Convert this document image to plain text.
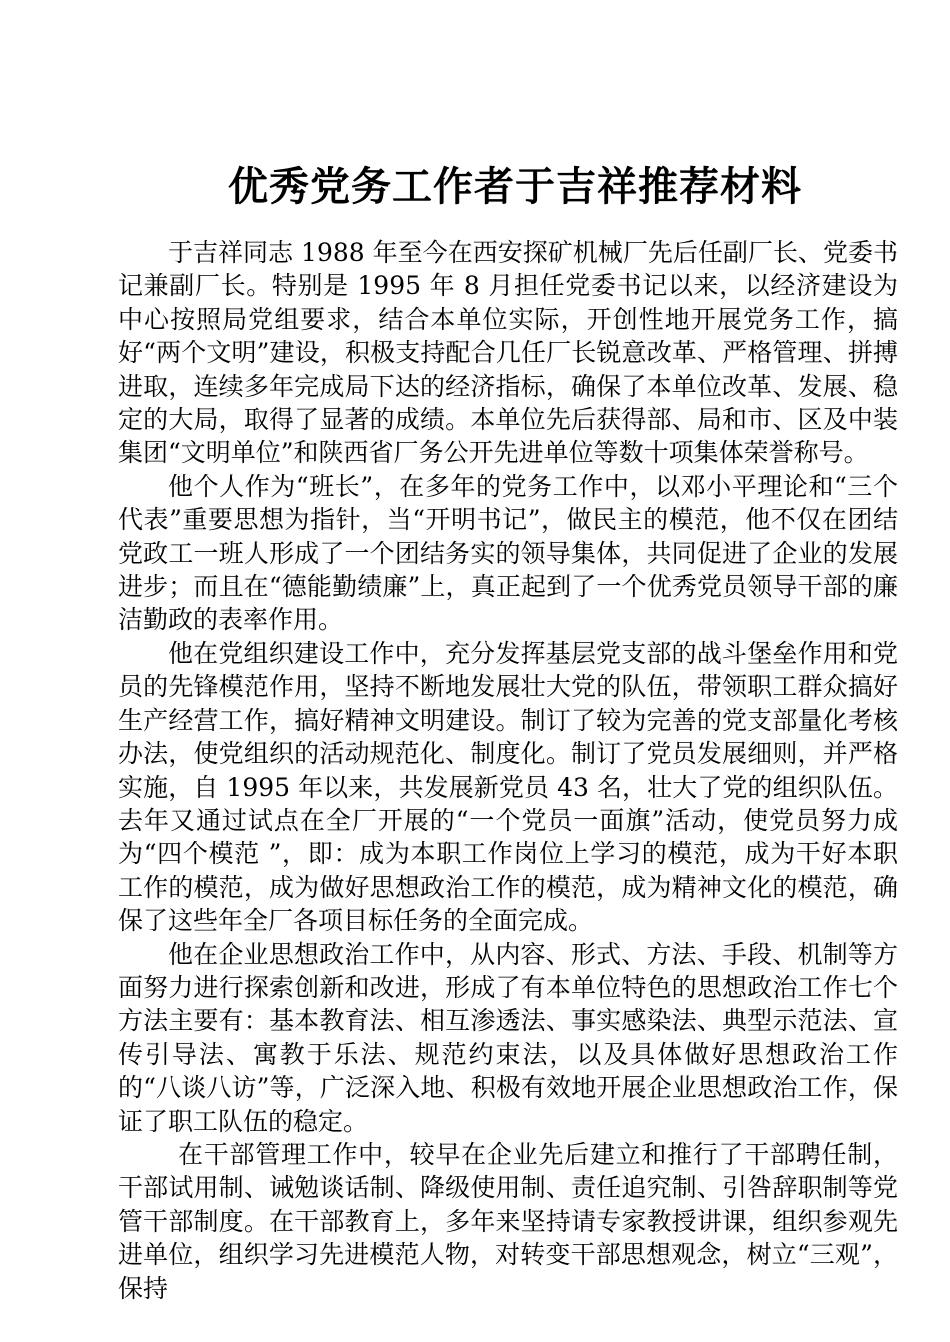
优秀党务工作者于吉祥推荐材料

于吉祥同志 1988 年至今在西安探矿机械厂先后任副厂长、党委书记兼副厂长。特别是 1995 年 8 月担任党委书记以来，以经济建设为中心按照局党组要求，结合本单位实际，开创性地开展党务工作，搞好“两个文明”建设，积极支持配合几任厂长锐意改革、严格管理、拼搏进取，连续多年完成局下达的经济指标，确保了本单位改革、发展、稳定的大局，取得了显著的成绩。本单位先后获得部、局和市、区及中装集团“文明单位”和陕西省厂务公开先进单位等数十项集体荣誉称号。

他个人作为“班长”，在多年的党务工作中，以邓小平理论和“三个代表”重要思想为指针，当“开明书记”，做民主的模范，他不仅在团结党政工一班人形成了一个团结务实的领导集体，共同促进了企业的发展进步；而且在“德能勤绩廉”上，真正起到了一个优秀党员领导干部的廉洁勤政的表率作用。

他在党组织建设工作中，充分发挥基层党支部的战斗堡垒作用和党员的先锋模范作用，坚持不断地发展壮大党的队伍，带领职工群众搞好生产经营工作，搞好精神文明建设。制订了较为完善的党支部量化考核办法，使党组织的活动规范化、制度化。制订了党员发展细则，并严格实施，自 1995 年以来，共发展新党员 43 名，壮大了党的组织队伍。去年又通过试点在全厂开展的“一个党员一面旗”活动，使党员努力成为“四个模范 ”，即：成为本职工作岗位上学习的模范，成为干好本职工作的模范，成为做好思想政治工作的模范，成为精神文化的模范，确保了这些年全厂各项目标任务的全面完成。

他在企业思想政治工作中，从内容、形式、方法、手段、机制等方面努力进行探索创新和改进，形成了有本单位特色的思想政治工作七个方法主要有：基本教育法、相互渗透法、事实感染法、典型示范法、宣传引导法、寓教于乐法、规范约束法，以及具体做好思想政治工作的“八谈八访”等，广泛深入地、积极有效地开展企业思想政治工作，保证了职工队伍的稳定。

在干部管理工作中，较早在企业先后建立和推行了干部聘任制，干部试用制、诫勉谈话制、降级使用制、责任追究制、引咎辞职制等党管干部制度。在干部教育上，多年来坚持请专家教授讲课，组织参观先进单位，组织学习先进模范人物，对转变干部思想观念，树立“三观”，保持
